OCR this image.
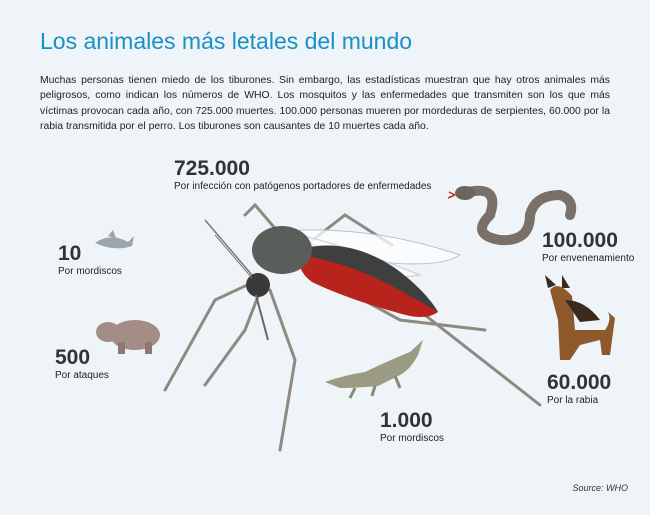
Los animales más letales del mundo
Muchas personas tienen miedo de los tiburones. Sin embargo, las estadísticas muestran que hay otros animales más peligrosos, como indican los números de WHO. Los mosquitos y las enfermedades que transmiten son los que más víctimas provocan cada año, con 725.000 muertes. 100.000 personas mueren por mordeduras de serpientes, 60.000 por la rabia transmitida por el perro. Los tiburones son causantes de 10 muertes cada año.
725.000
Por infección con patógenos portadores de enfermedades
100.000
Por envenenamiento
10
Por mordiscos
500
Por ataques	60.000
Por la rabia
1.000
Por mordiscos
Source: WHO
